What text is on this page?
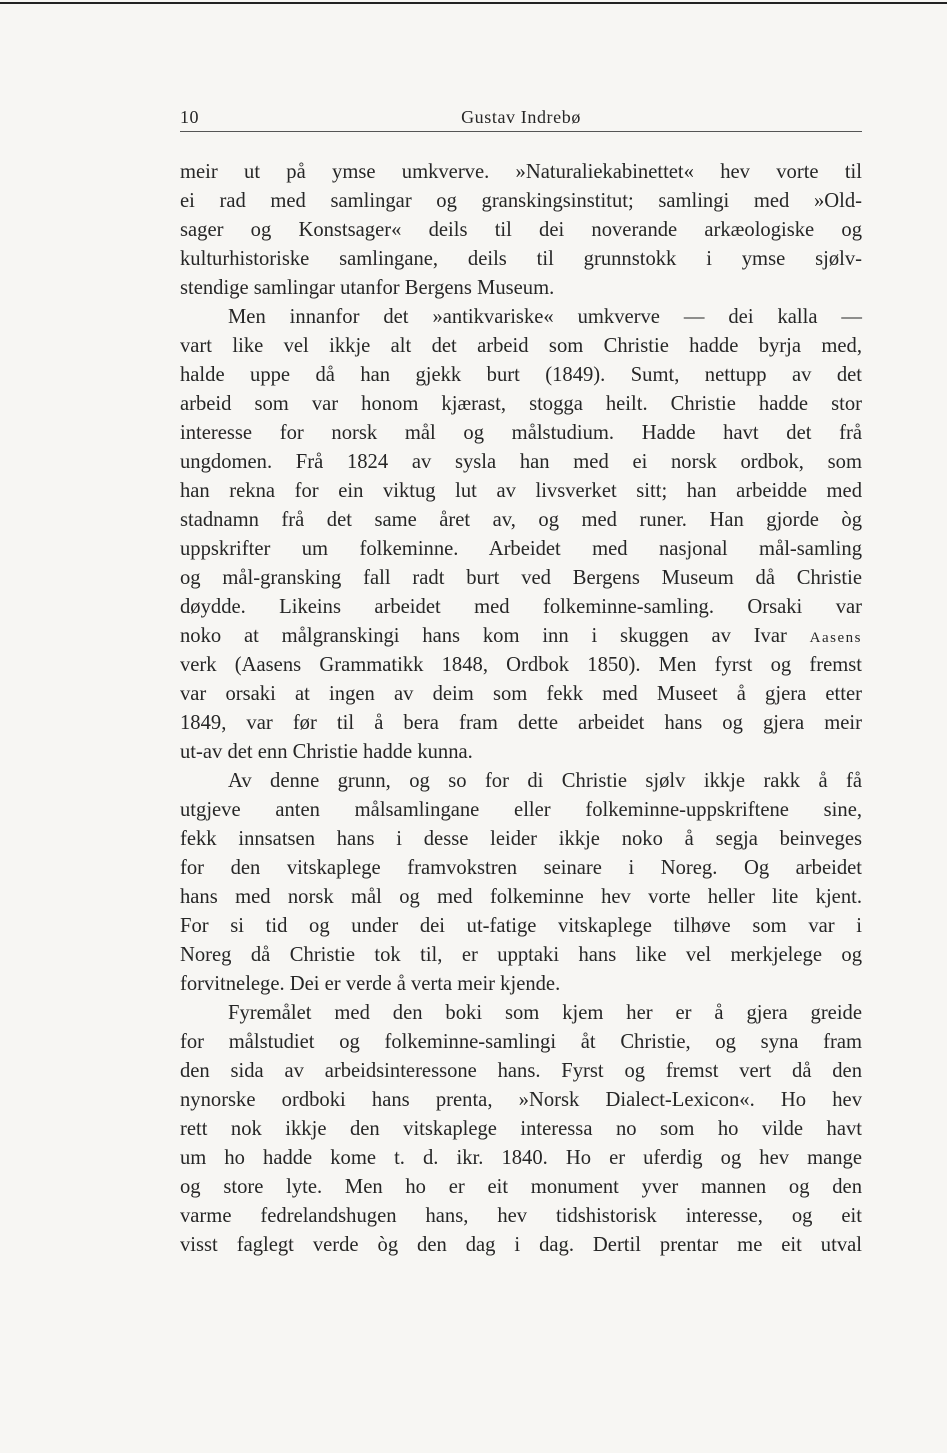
10	Gustav Indrebø
meir ut på ymse umkverve. »Naturaliekabinettet« hev vorte til
ei rad med samlingar og granskingsinstitut; samlingi med »Old-
sager og Konstsager« deils til dei noverande arkæologiske og
kulturhistoriske samlingane, deils til grunnstokk i ymse sjølv-
stendige samlingar utanfor Bergens Museum.
Men innanfor det »antikvariske« umkverve — dei kalla —
vart like vel ikkje alt det arbeid som Christie hadde byrja med,
halde uppe då han gjekk burt (1849). Sumt, nettupp av det
arbeid som var honom kjærast, stogga heilt. Christie hadde stor
interesse for norsk mål og målstudium. Hadde havt det frå
ungdomen. Frå 1824 av sysla han med ei norsk ordbok, som
han rekna for ein viktug lut av livsverket sitt; han arbeidde med
stadnamn frå det same året av, og med runer. Han gjorde òg
uppskrifter um folkeminne. Arbeidet med nasjonal mål-samling
og mål-gransking fall radt burt ved Bergens Museum då Christie
døydde. Likeins arbeidet med folkeminne-samling. Orsaki var
noko at målgranskingi hans kom inn i skuggen av Ivar Aasens
verk (Aasens Grammatikk 1848, Ordbok 1850). Men fyrst og fremst
var orsaki at ingen av deim som fekk med Museet å gjera etter
1849, var før til å bera fram dette arbeidet hans og gjera meir
ut-av det enn Christie hadde kunna.
Av denne grunn, og so for di Christie sjølv ikkje rakk å få
utgjeve anten målsamlingane eller folkeminne-uppskriftene sine,
fekk innsatsen hans i desse leider ikkje noko å segja beinveges
for den vitskaplege framvokstren seinare i Noreg. Og arbeidet
hans med norsk mål og med folkeminne hev vorte heller lite kjent.
For si tid og under dei ut-fatige vitskaplege tilhøve som var i
Noreg då Christie tok til, er upptaki hans like vel merkjelege og
forvitnelege. Dei er verde å verta meir kjende.
Fyremålet med den boki som kjem her er å gjera greide
for målstudiet og folkeminne-samlingi åt Christie, og syna fram
den sida av arbeidsinteressone hans. Fyrst og fremst vert då den
nynorske ordboki hans prenta, »Norsk Dialect-Lexicon«. Ho hev
rett nok ikkje den vitskaplege interessa no som ho vilde havt
um ho hadde kome t. d. ikr. 1840. Ho er uferdig og hev mange
og store lyte. Men ho er eit monument yver mannen og den
varme fedrelandshugen hans, hev tidshistorisk interesse, og eit
visst faglegt verde òg den dag i dag. Dertil prentar me eit utval
